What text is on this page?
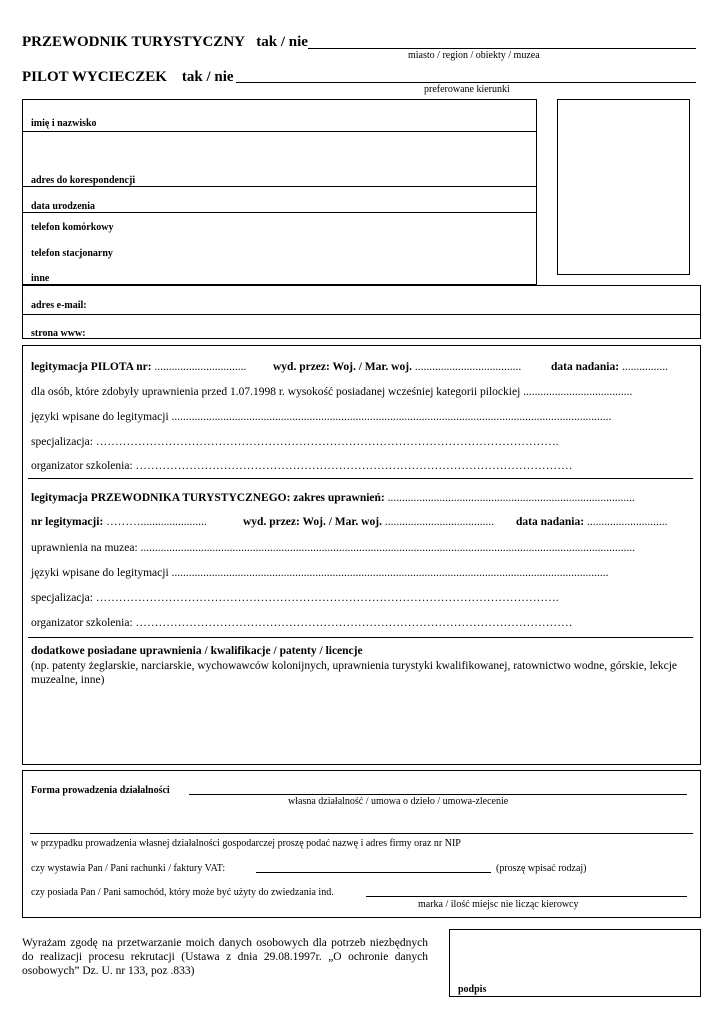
PRZEWODNIK TURYSTYCZNY tak / nie
miasto / region / obiekty / muzea
PILOT WYCIECZEK tak / nie
preferowane kierunki
imię i nazwisko
adres do korespondencji
data urodzenia
telefon komórkowy
telefon stacjonarny
inne
adres e-mail:
strona www:
legitymacja PILOTA nr: ................................ wyd. przez: Woj. / Mar. woj. .....................................	data nadania: ................
dla osób, które zdobyły uprawnienia przed 1.07.1998 r. wysokość posiadanej wcześniej kategorii pilockiej ......................................
języki wpisane do legitymacji .........................................................................................................................................................
specjalizacja: ………………………………………………………………………………………………………….
organizator szkolenia: ……………………………………………………………………………………………………
legitymacja PRZEWODNIKA TURYSTYCZNEGO: zakres uprawnień: ......................................................................................
nr legitymacji: ……….......................	wyd. przez: Woj. / Mar. woj. ...................................... data nadania: ............................
uprawnienia na muzea: ............................................................................................................................................................................
języki wpisane do legitymacji ........................................................................................................................................................
specjalizacja: ………………………………………………………………………………………………………….
organizator szkolenia: ……………………………………………………………………………………………………
dodatkowe posiadane uprawnienia / kwalifikacje / patenty / licencje
(np. patenty żeglarskie, narciarskie, wychowawców kolonijnych, uprawnienia turystyki kwalifikowanej, ratownictwo wodne, górskie, lekcje muzealne, inne)
Forma prowadzenia działalności
własna działalność / umowa o dzieło / umowa-zlecenie
w przypadku prowadzenia własnej działalności gospodarczej proszę podać nazwę i adres firmy oraz nr NIP
czy wystawia Pan / Pani rachunki / faktury VAT:	(proszę wpisać rodzaj)
czy posiada Pan / Pani samochód, który może być użyty do zwiedzania ind.
marka / ilość miejsc nie licząc kierowcy
Wyrażam zgodę na przetwarzanie moich danych osobowych dla potrzeb niezbędnych do realizacji procesu rekrutacji (Ustawa z dnia 29.08.1997r. „O ochronie danych osobowych” Dz. U. nr 133, poz .833)
podpis
